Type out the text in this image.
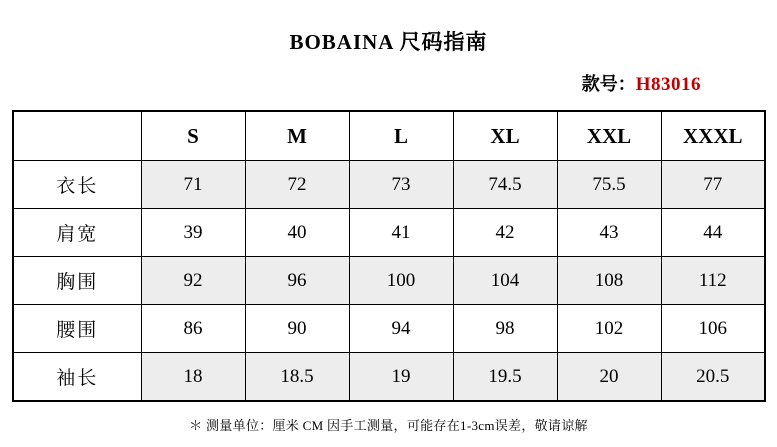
BOBAINA 尺码指南
款号： H83016
	S	M	L	XL	XXL	XXXL
衣长	71	72	73	74.5	75.5	77
肩宽	39	40	41	42	43	44
胸围	92	96	100	104	108	112
腰围	86	90	94	98	102	106
袖长	18	18.5	19	19.5	20	20.5
＊ 测量单位：厘米 CM 因手工测量，可能存在1-3cm误差，敬请谅解
